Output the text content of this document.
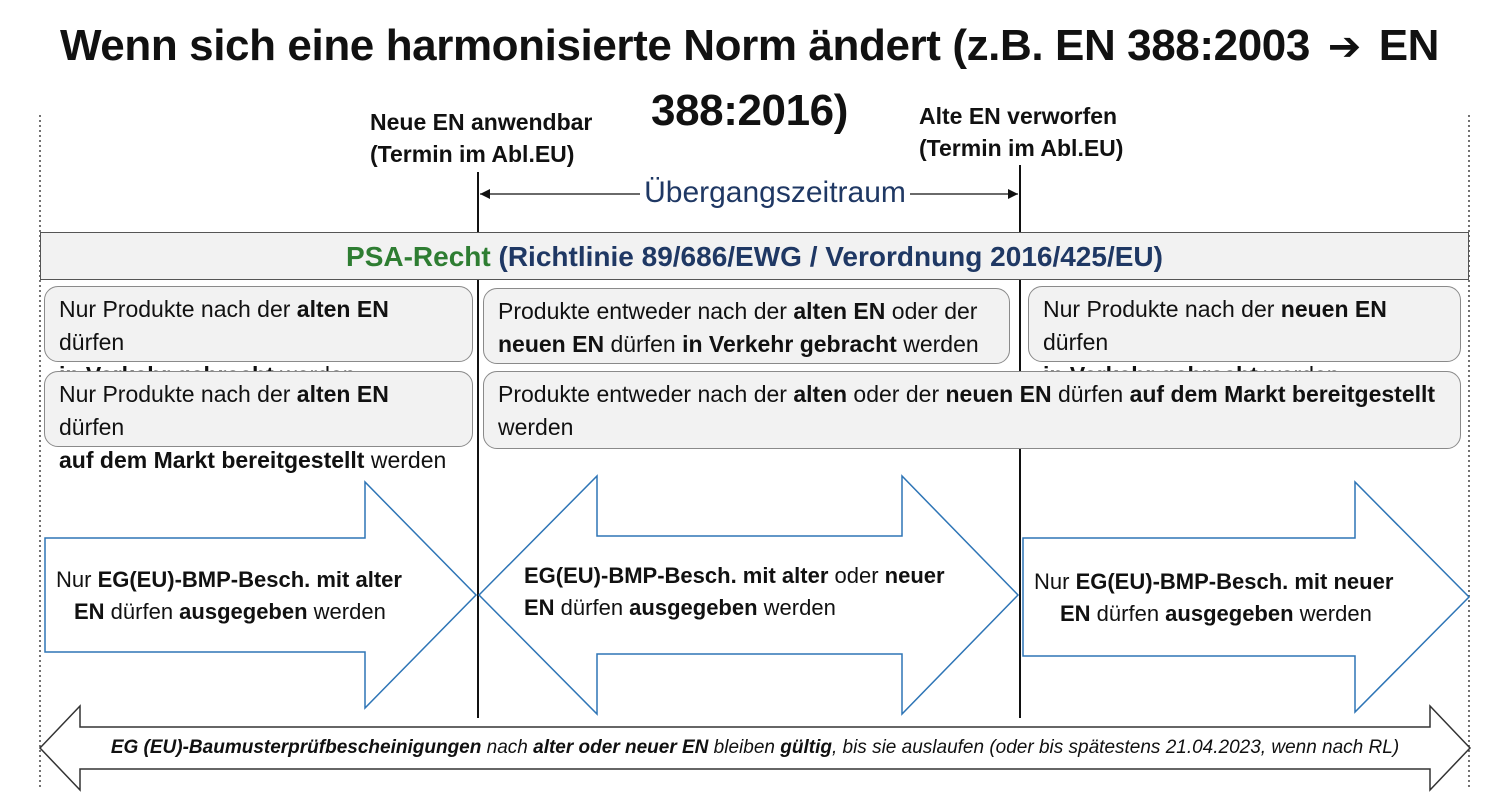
Wenn sich eine harmonisierte Norm ändert (z.B. EN 388:2003 ➔ EN 388:2016)
Neue EN anwendbar
(Termin im Abl.EU)
Alte EN verworfen
(Termin im Abl.EU)
Übergangszeitraum
PSA-Recht (Richtlinie 89/686/EWG / Verordnung 2016/425/EU)
Nur Produkte nach der alten EN dürfen
Produkte entweder nach der alten EN oder der
neuen EN dürfen in Verkehr gebracht werden
Nur Produkte nach der neuen EN dürfen
Nur Produkte nach der alten EN dürfen
auf dem Markt bereitgestellt werden
Produkte entweder nach der alten oder der neuen EN dürfen auf dem Markt bereitgestellt
werden
Nur EG(EU)-BMP-Besch. mit alter
EN dürfen ausgegeben werden
EG(EU)-BMP-Besch. mit alter oder neuer
EN dürfen ausgegeben werden
Nur EG(EU)-BMP-Besch. mit neuer
EN dürfen ausgegeben werden
EG (EU)-Baumusterprüfbescheinigungen nach alter oder neuer EN bleiben gültig, bis sie auslaufen (oder bis spätestens 21.04.2023, wenn nach RL)
